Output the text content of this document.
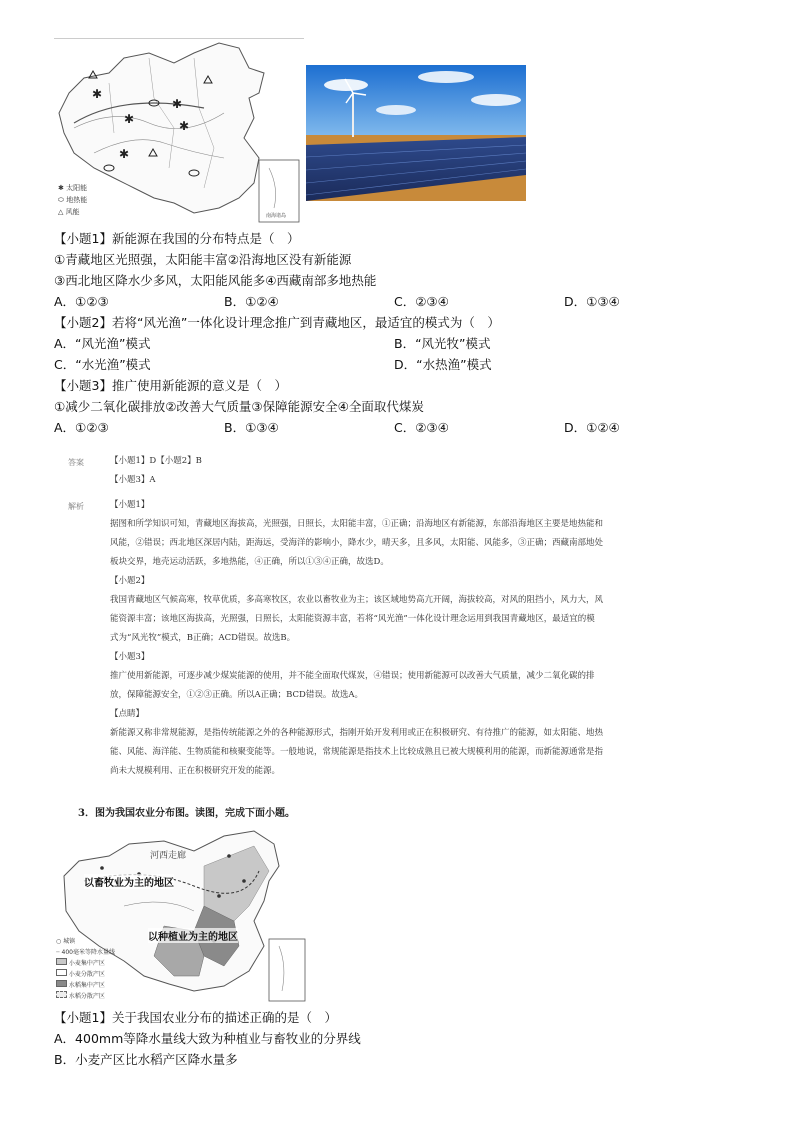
✱
✱
✱
✱
✱
✱ 太阳能
⬭ 地热能
△ 风能	南海诸岛
【小题1】新能源在我国的分布特点是（　）
①青藏地区光照强，太阳能丰富②沿海地区没有新能源
③西北地区降水少多风，太阳能风能多④西藏南部多地热能
A．①②③	B．①②④	C．②③④	D．①③④
【小题2】若将“风光渔”一体化设计理念推广到青藏地区，最适宜的模式为（　）
A．“风光渔”模式	B．“风光牧”模式
C．“水光渔”模式	D．“水热渔”模式
【小题3】推广使用新能源的意义是（　）
①减少二氧化碳排放②改善大气质量③保障能源安全④全面取代煤炭
A．①②③	B．①③④	C．②③④	D．①②④
答案	【小题1】D【小题2】B
【小题3】A
解析	【小题1】
据图和所学知识可知，青藏地区海拔高，光照强，日照长，太阳能丰富，①正确；沿海地区有新能源，东部沿海地区主要是地热能和
风能，②错误；西北地区深居内陆，距海远，受海洋的影响小，降水少，晴天多，且多风，太阳能、风能多，③正确；西藏南部地处
板块交界，地壳运动活跃，多地热能，④正确，所以①③④正确，故选D。
【小题2】
我国青藏地区气候高寒，牧草优质，多高寒牧区，农业以畜牧业为主；该区域地势高亢开阔，海拔较高，对风的阻挡小，风力大，风
能资源丰富；该地区海拔高，光照强，日照长，太阳能资源丰富，若将“风光渔”一体化设计理念运用到我国青藏地区，最适宜的模
式为“风光牧”模式，B正确；ACD错误。故选B。
【小题3】
推广使用新能源，可逐步减少煤炭能源的使用，并不能全面取代煤炭，④错误；使用新能源可以改善大气质量，减少二氧化碳的排
放，保障能源安全，①②③正确。所以A正确；BCD错误。故选A。
【点睛】
新能源又称非常规能源，是指传统能源之外的各种能源形式，指刚开始开发利用或正在积极研究、有待推广的能源，如太阳能、地热
能、风能、海洋能、生物质能和核聚变能等。一般地说，常规能源是指技术上比较成熟且已被大规模利用的能源，而新能源通常是指
尚未大规模利用、正在积极研究开发的能源。
3．图为我国农业分布图。读图，完成下面小题。
河西走廊
以畜牧业为主的地区
以种植业为主的地区
○ 城镇
┈ 400毫米等降水量线
小麦集中产区
小麦分散产区
水稻集中产区
水稻分散产区
【小题1】关于我国农业分布的描述正确的是（　）
A．400mm等降水量线大致为种植业与畜牧业的分界线
B．小麦产区比水稻产区降水量多
